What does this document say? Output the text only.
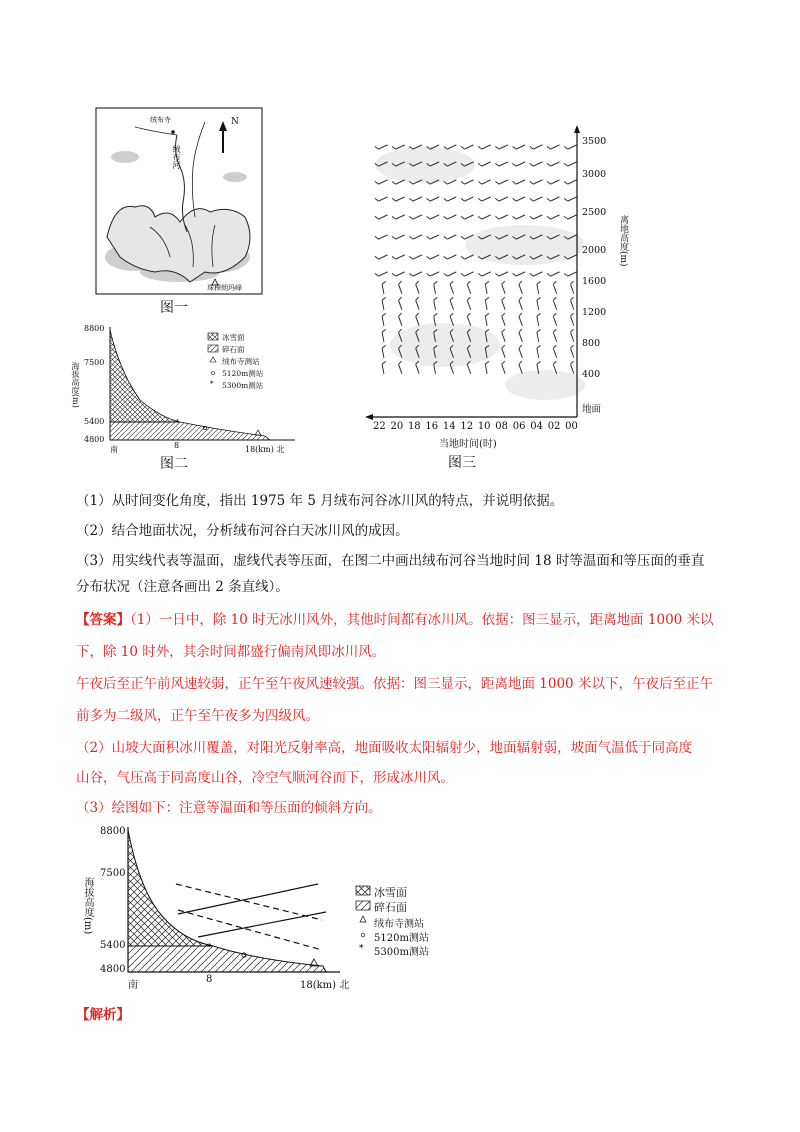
绒布寺	N
绒布河
珠穆朗玛峰
图一
*
*
海拔高度(m)
8800
7500
5400
4800
南	8	18(km) 北
冰雪面
碎石面
绒布寺测站
5120m测站
5300m测站
图二
3500
3000
2500
2000
1600
1200
800
400
地面
离地高度(m)
22 20 18 16 14 12 10 08 06 04 02 00
当地时间(时)
图三
（1）从时间变化角度，指出 1975 年 5 月绒布河谷冰川风的特点，并说明依据。
（2）结合地面状况，分析绒布河谷白天冰川风的成因。
（3）用实线代表等温面，虚线代表等压面，在图二中画出绒布河谷当地时间 18 时等温面和等压面的垂直
分布状况（注意各画出 2 条直线）。
【答案】（1）一日中，除 10 时无冰川风外，其他时间都有冰川风。依据：图三显示，距离地面 1000 米以
下，除 10 时外，其余时间都盛行偏南风即冰川风。
午夜后至正午前风速较弱，正午至午夜风速较强。依据：图三显示，距离地面 1000 米以下，午夜后至正午
前多为二级风，正午至午夜多为四级风。
（2）山坡大面积冰川覆盖，对阳光反射率高，地面吸收太阳辐射少，地面辐射弱，坡面气温低于同高度
山谷，气压高于同高度山谷，冷空气顺河谷而下，形成冰川风。
（3）绘图如下：注意等温面和等压面的倾斜方向。
*	*
海拔高度(m)
8800
7500
5400
4800
南
8
18(km) 北
冰雪面
碎石面
绒布寺测站
5120m测站
5300m测站
【解析】
